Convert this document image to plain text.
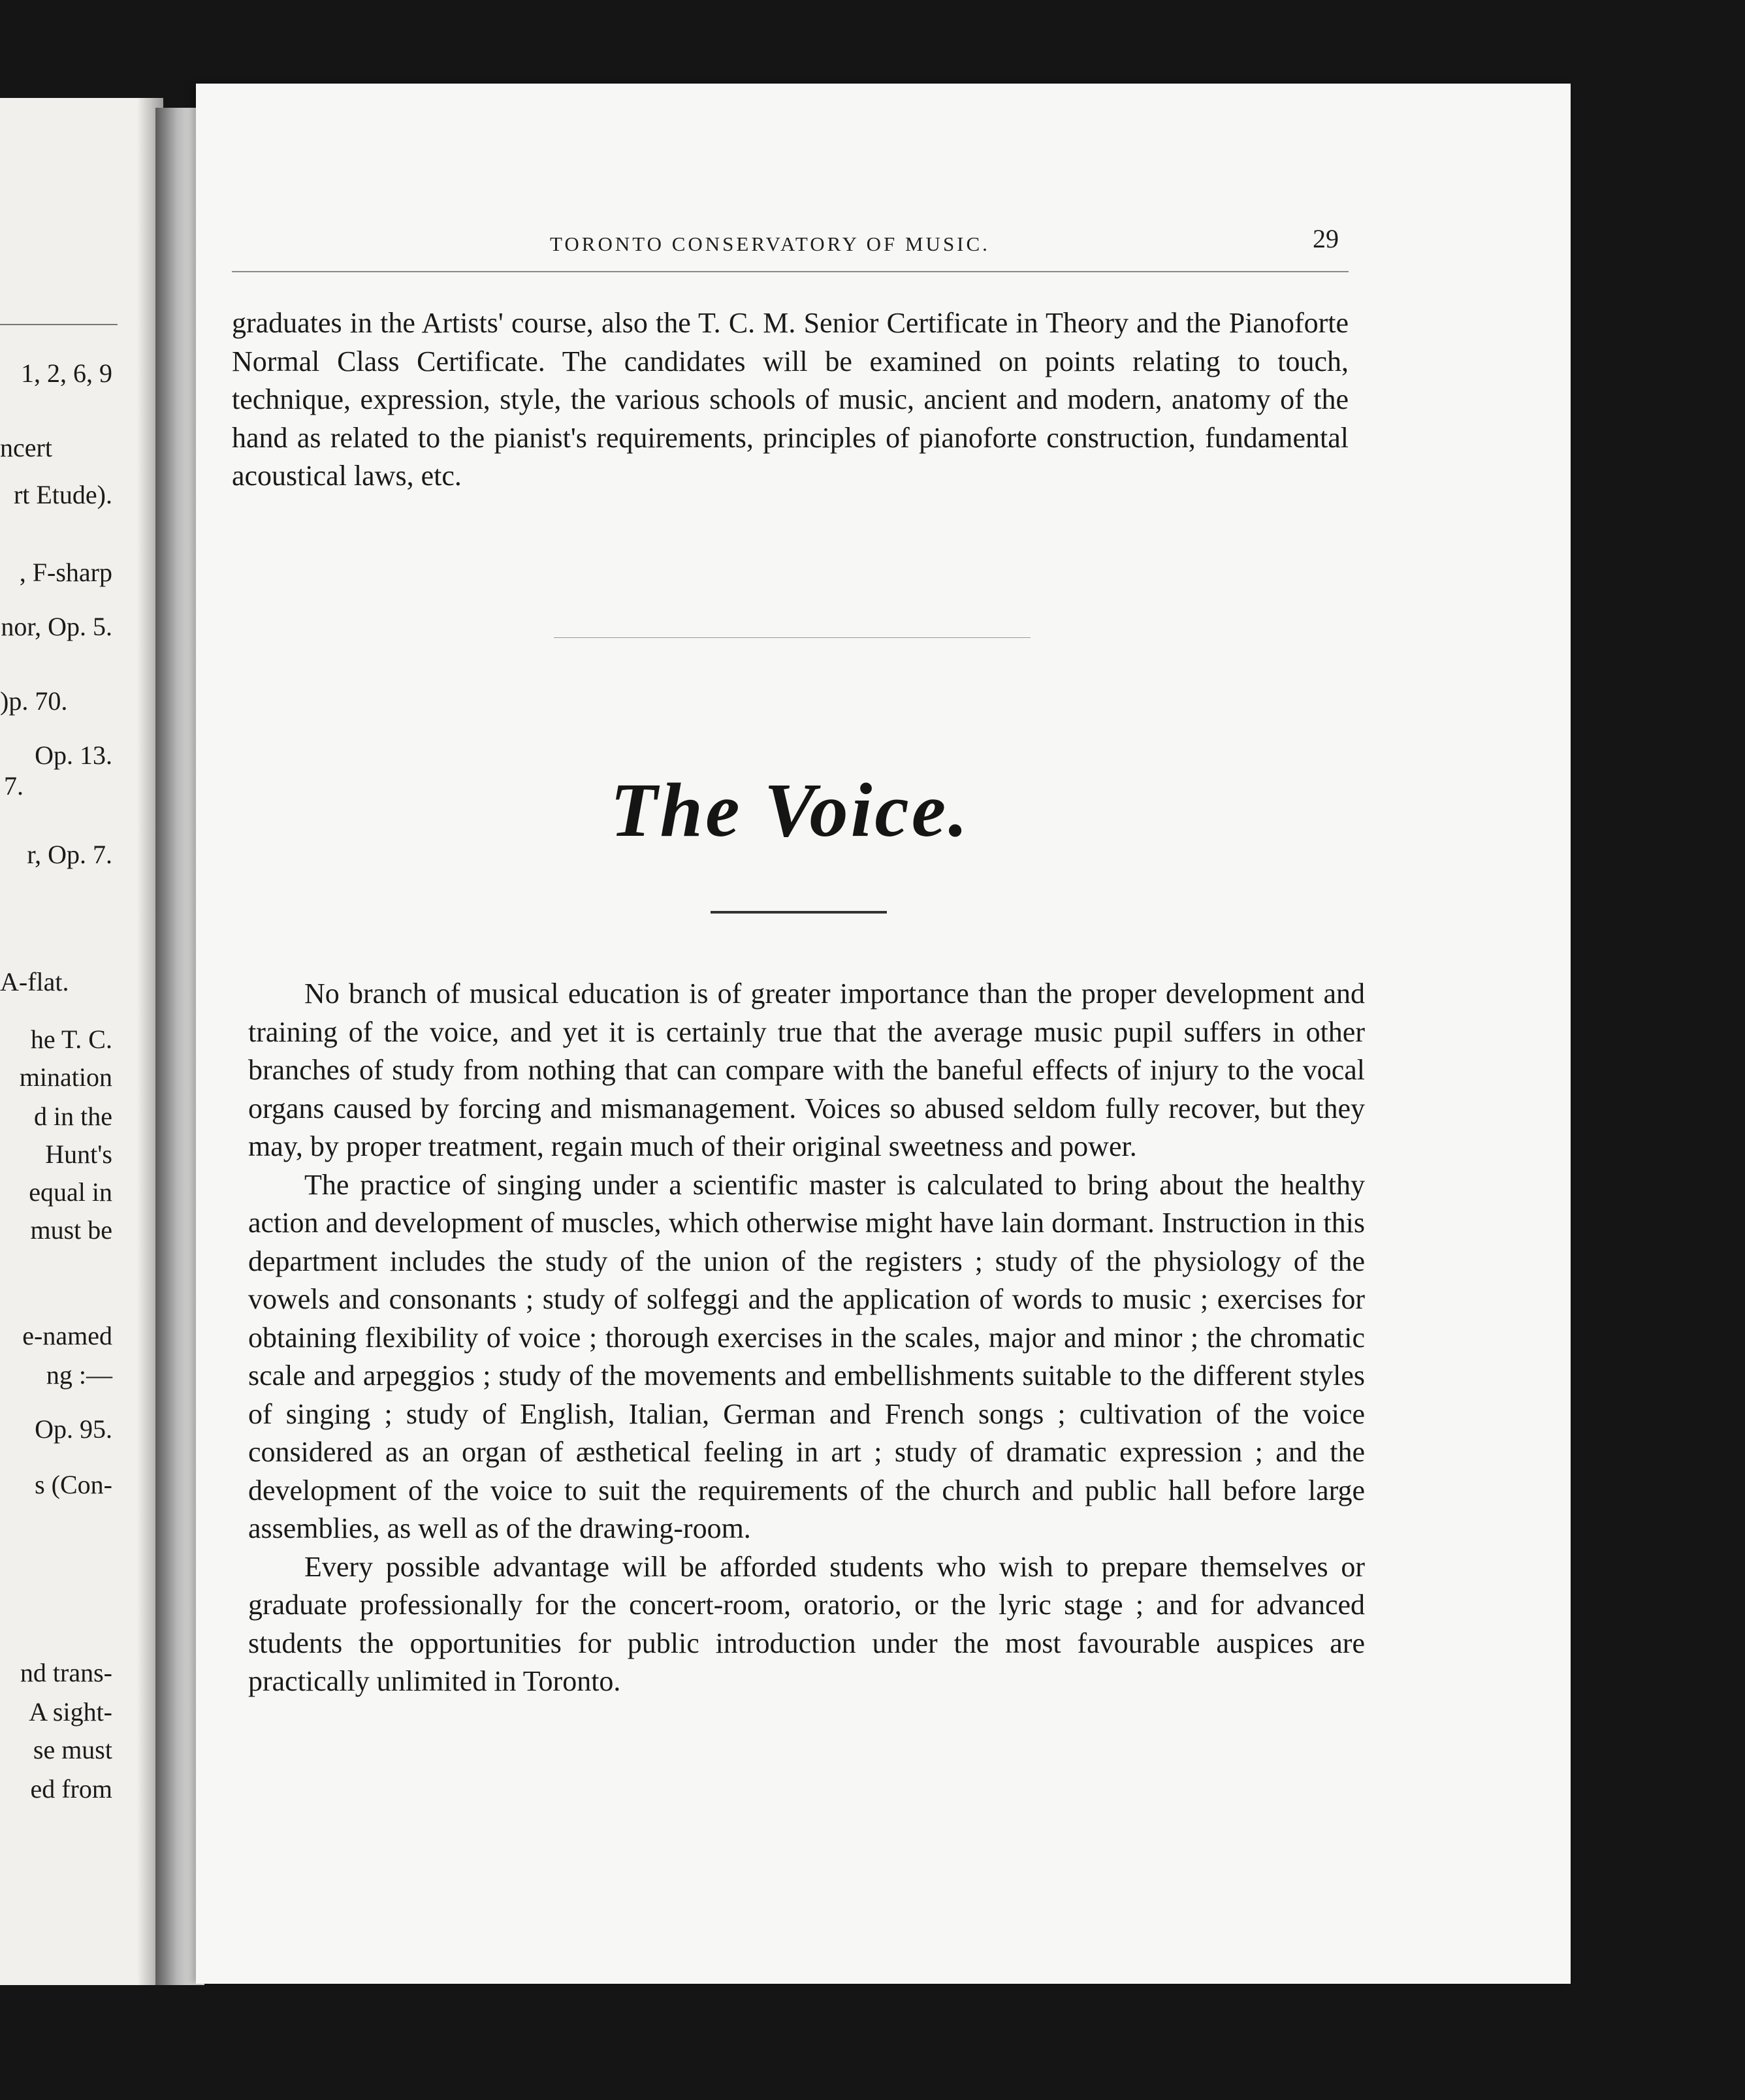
1, 2, 6, 9
ncert
rt Etude).
, F-sharp
nor, Op. 5.
)p. 70.
Op. 13.
7.
r, Op. 7.
A-flat.
he T. C.
mination
d in the
Hunt's
equal in
must be
e-named
ng :—
Op. 95.
s (Con-
nd trans-
A sight-
se must
ed from
TORONTO CONSERVATORY OF MUSIC.	29

graduates in the Artists' course, also the T. C. M. Senior Certificate in Theory and the Pianoforte Normal Class Certificate. The candidates will be examined on points relating to touch, technique, expression, style, the various schools of music, ancient and modern, anatomy of the hand as related to the pianist's requirements, principles of pianoforte construction, fundamental acoustical laws, etc.

The Voice.

No branch of musical education is of greater importance than the proper development and training of the voice, and yet it is certainly true that the average music pupil suffers in other branches of study from nothing that can compare with the baneful effects of injury to the vocal organs caused by forcing and mismanagement. Voices so abused seldom fully recover, but they may, by proper treatment, regain much of their original sweetness and power.

The practice of singing under a scientific master is calculated to bring about the healthy action and development of muscles, which otherwise might have lain dormant. Instruction in this department includes the study of the union of the registers ; study of the physiology of the vowels and consonants ; study of solfeggi and the application of words to music ; exercises for obtaining flexibility of voice ; thorough exercises in the scales, major and minor ; the chromatic scale and arpeggios ; study of the movements and embellishments suitable to the different styles of singing ; study of English, Italian, German and French songs ; cultivation of the voice considered as an organ of æsthetical feeling in art ; study of dramatic expression ; and the development of the voice to suit the requirements of the church and public hall before large assemblies, as well as of the drawing-room.

Every possible advantage will be afforded students who wish to prepare themselves or graduate professionally for the concert-room, oratorio, or the lyric stage ; and for advanced students the opportunities for public introduction under the most favourable auspices are practically unlimited in Toronto.
